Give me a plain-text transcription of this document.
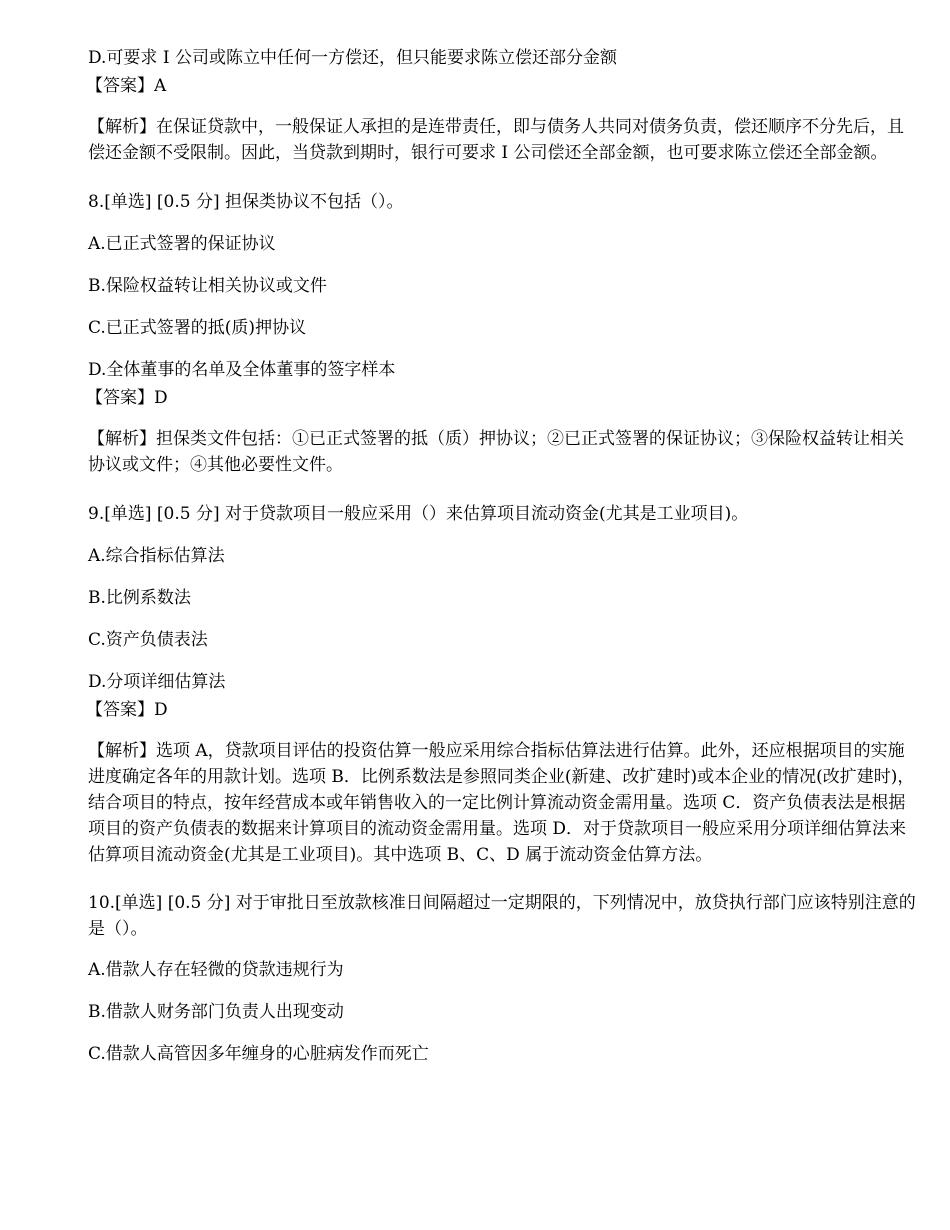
D.可要求 I 公司或陈立中任何一方偿还，但只能要求陈立偿还部分金额
【答案】A

【解析】在保证贷款中，一般保证人承担的是连带责任，即与债务人共同对债务负责，偿还顺序不分先后，且偿还金额不受限制。因此，当贷款到期时，银行可要求 I 公司偿还全部金额，也可要求陈立偿还全部金额。

8.[单选] [0.5 分] 担保类协议不包括（）。
A.已正式签署的保证协议
B.保险权益转让相关协议或文件
C.已正式签署的抵(质)押协议
D.全体董事的名单及全体董事的签字样本
【答案】D

【解析】担保类文件包括：①已正式签署的抵（质）押协议；②已正式签署的保证协议；③保险权益转让相关协议或文件；④其他必要性文件。

9.[单选] [0.5 分] 对于贷款项目一般应采用（）来估算项目流动资金(尤其是工业项目)。
A.综合指标估算法
B.比例系数法
C.资产负债表法
D.分项详细估算法
【答案】D

【解析】选项 A，贷款项目评估的投资估算一般应采用综合指标估算法进行估算。此外，还应根据项目的实施进度确定各年的用款计划。选项 B．比例系数法是参照同类企业(新建、改扩建时)或本企业的情况(改扩建时)，结合项目的特点，按年经营成本或年销售收入的一定比例计算流动资金需用量。选项 C．资产负债表法是根据项目的资产负债表的数据来计算项目的流动资金需用量。选项 D．对于贷款项目一般应采用分项详细估算法来估算项目流动资金(尤其是工业项目)。其中选项 B、C、D 属于流动资金估算方法。

10.[单选] [0.5 分] 对于审批日至放款核准日间隔超过一定期限的，下列情况中，放贷执行部门应该特别注意的是（）。

A.借款人存在轻微的贷款违规行为
B.借款人财务部门负责人出现变动
C.借款人高管因多年缠身的心脏病发作而死亡
